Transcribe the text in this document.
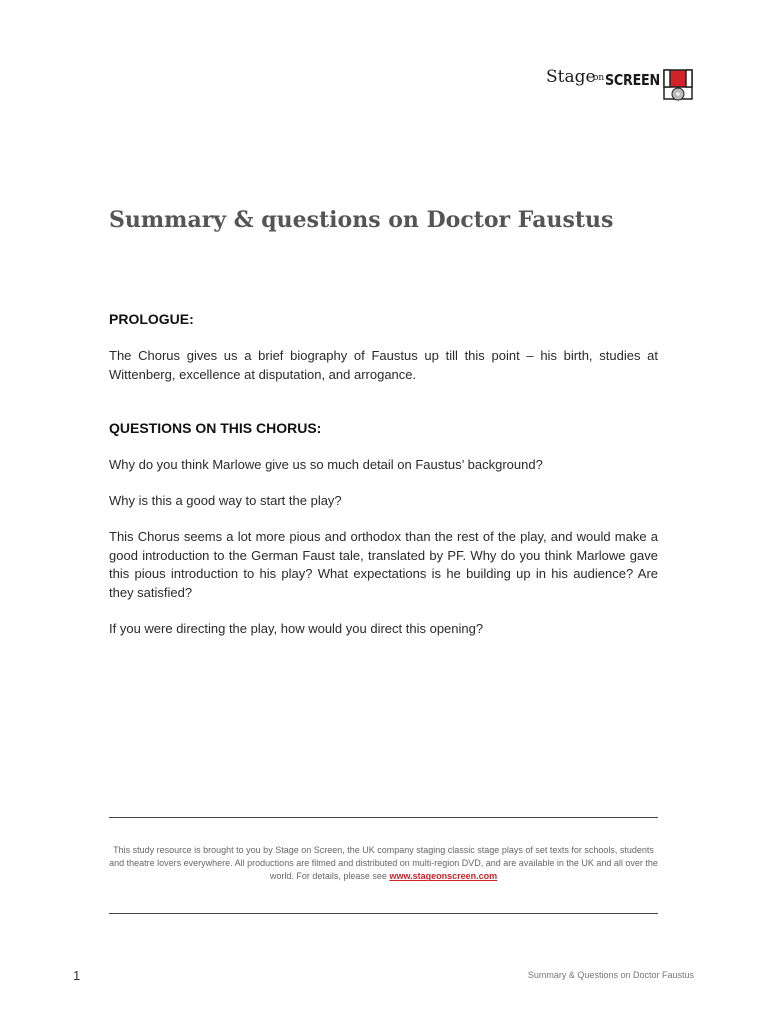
Stage
on SCREEN
Summary & questions on Doctor Faustus
PROLOGUE:

The Chorus gives us a brief biography of Faustus up till this point – his birth, studies at Wittenberg, excellence at disputation, and arrogance.

QUESTIONS ON THIS CHORUS:

Why do you think Marlowe give us so much detail on Faustus’ background?

Why is this a good way to start the play?

This Chorus seems a lot more pious and orthodox than the rest of the play, and would make a good introduction to the German Faust tale, translated by PF. Why do you think Marlowe gave this pious introduction to his play? What expectations is he building up in his audience? Are they satisfied?

If you were directing the play, how would you direct this opening?

This study resource is brought to you by Stage on Screen, the UK company staging classic stage plays of set texts for schools, students and theatre lovers everywhere. All productions are filmed and distributed on multi-region DVD, and are available in the UK and all over the world. For details, please see www.stageonscreen.com

1	Summary & Questions on Doctor Faustus
